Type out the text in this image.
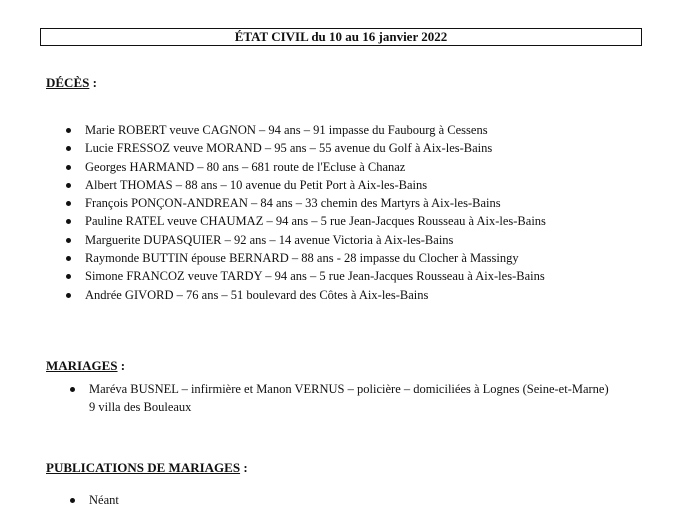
ÉTAT CIVIL du 10 au 16 janvier 2022
DÉCÈS :
Marie ROBERT veuve CAGNON – 94 ans – 91 impasse du Faubourg à Cessens
Lucie FRESSOZ veuve MORAND – 95 ans – 55 avenue du Golf à Aix-les-Bains
Georges HARMAND – 80 ans – 681 route de l'Ecluse à Chanaz
Albert THOMAS – 88 ans – 10 avenue du Petit Port à Aix-les-Bains
François PONÇON-ANDREAN – 84 ans – 33 chemin des Martyrs à Aix-les-Bains
Pauline RATEL veuve CHAUMAZ – 94 ans – 5 rue Jean-Jacques Rousseau à Aix-les-Bains
Marguerite DUPASQUIER – 92 ans – 14 avenue Victoria à Aix-les-Bains
Raymonde BUTTIN épouse BERNARD – 88 ans - 28 impasse du Clocher à Massingy
Simone FRANCOZ veuve TARDY – 94 ans – 5 rue Jean-Jacques Rousseau à Aix-les-Bains
Andrée GIVORD – 76 ans – 51 boulevard des Côtes à Aix-les-Bains
MARIAGES :
Maréva BUSNEL – infirmière et Manon VERNUS – policière – domiciliées à Lognes (Seine-et-Marne)
9 villa des Bouleaux
PUBLICATIONS DE MARIAGES :
Néant
